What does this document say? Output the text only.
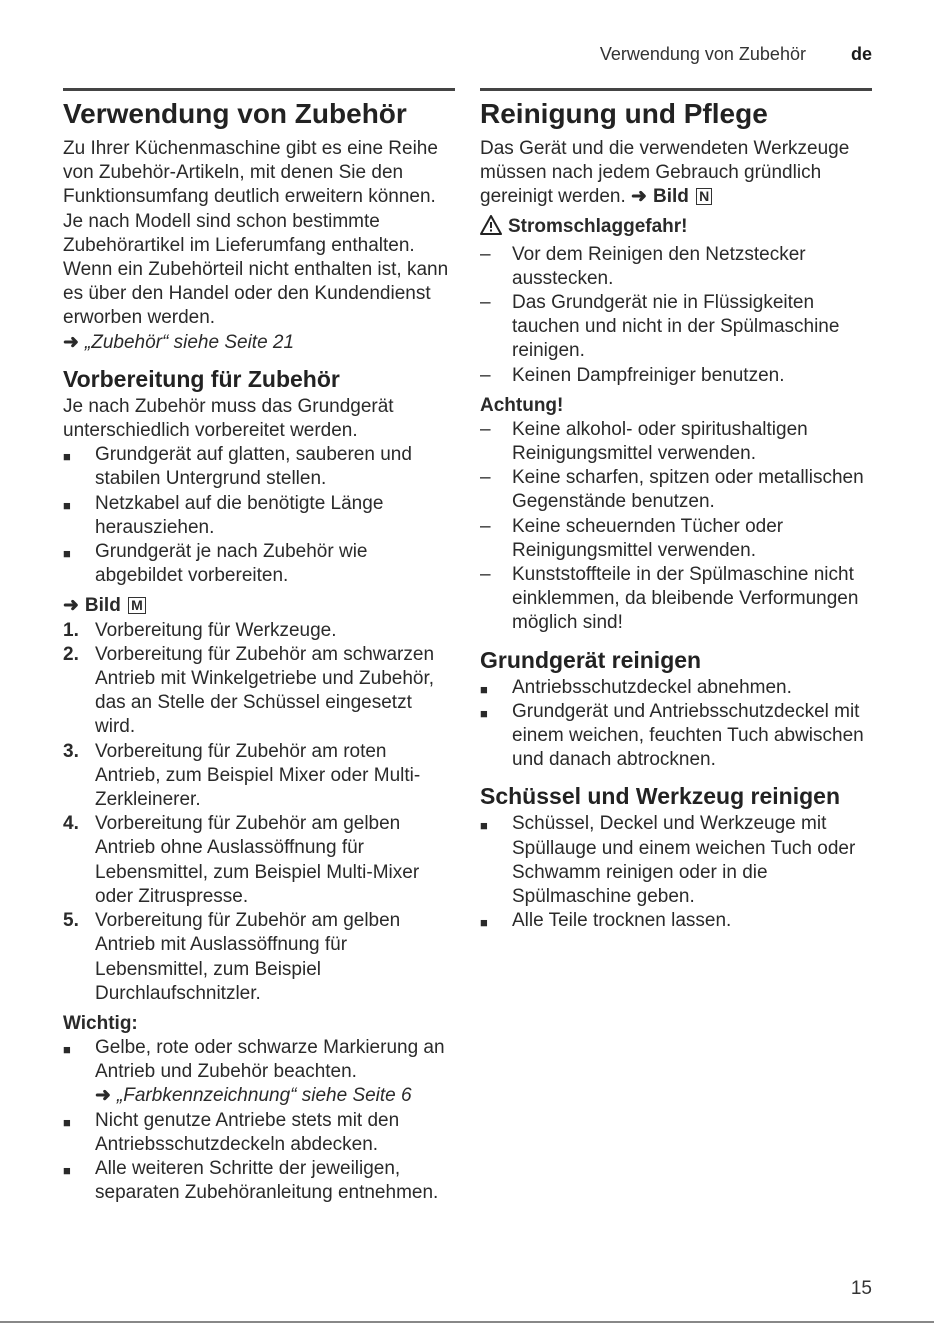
Verwendung von Zubehör	de
Verwendung von Zubehör

Zu Ihrer Küchenmaschine gibt es eine Reihe von Zubehör-Artikeln, mit denen Sie den Funktionsumfang deutlich erweitern können. Je nach Modell sind schon bestimmte Zubehörartikel im Lieferumfang enthalten. Wenn ein Zubehörteil nicht enthalten ist, kann es über den Handel oder den Kundendienst erworben werden.

➜ „Zubehör“ siehe Seite 21
Vorbereitung für Zubehör

Je nach Zubehör muss das Grundgerät unterschiedlich vorbereitet werden.

■ Grundgerät auf glatten, sauberen und stabilen Untergrund stellen.
■ Netzkabel auf die benötigte Länge herausziehen.
■ Grundgerät je nach Zubehör wie abgebildet vorbereiten.
➜ Bild M
1. Vorbereitung für Werkzeuge.
2. Vorbereitung für Zubehör am schwarzen Antrieb mit Winkelgetriebe und Zubehör, das an Stelle der Schüssel eingesetzt wird.
3. Vorbereitung für Zubehör am roten Antrieb, zum Beispiel Mixer oder Multi-Zerkleinerer.
4. Vorbereitung für Zubehör am gelben Antrieb ohne Auslassöffnung für Lebensmittel, zum Beispiel Multi-Mixer oder Zitruspresse.
5. Vorbereitung für Zubehör am gelben Antrieb mit Auslassöffnung für Lebensmittel, zum Beispiel Durchlaufschnitzler.
Wichtig:
■ Gelbe, rote oder schwarze Markierung an Antrieb und Zubehör beachten.
➜ „Farbkennzeichnung“ siehe Seite 6
■ Nicht genutze Antriebe stets mit den Antriebsschutzdeckeln abdecken.
■ Alle weiteren Schritte der jeweiligen, separaten Zubehöranleitung entnehmen.
Reinigung und Pflege

Das Gerät und die verwendeten Werkzeuge müssen nach jedem Gebrauch gründlich gereinigt werden. ➜ Bild N

Stromschlaggefahr!
– Vor dem Reinigen den Netzstecker ausstecken.
– Das Grundgerät nie in Flüssigkeiten tauchen und nicht in der Spülmaschine reinigen.
– Keinen Dampfreiniger benutzen.
Achtung!
– Keine alkohol- oder spiritushaltigen Reinigungsmittel verwenden.
– Keine scharfen, spitzen oder metallischen Gegenstände benutzen.
– Keine scheuernden Tücher oder Reinigungsmittel verwenden.
– Kunststoffteile in der Spülmaschine nicht einklemmen, da bleibende Verformungen möglich sind!
Grundgerät reinigen
■ Antriebsschutzdeckel abnehmen.
■ Grundgerät und Antriebsschutzdeckel mit einem weichen, feuchten Tuch abwischen und danach abtrocknen.
Schüssel und Werkzeug reinigen
■ Schüssel, Deckel und Werkzeuge mit Spüllauge und einem weichen Tuch oder Schwamm reinigen oder in die Spülmaschine geben.
■ Alle Teile trocknen lassen.
15
